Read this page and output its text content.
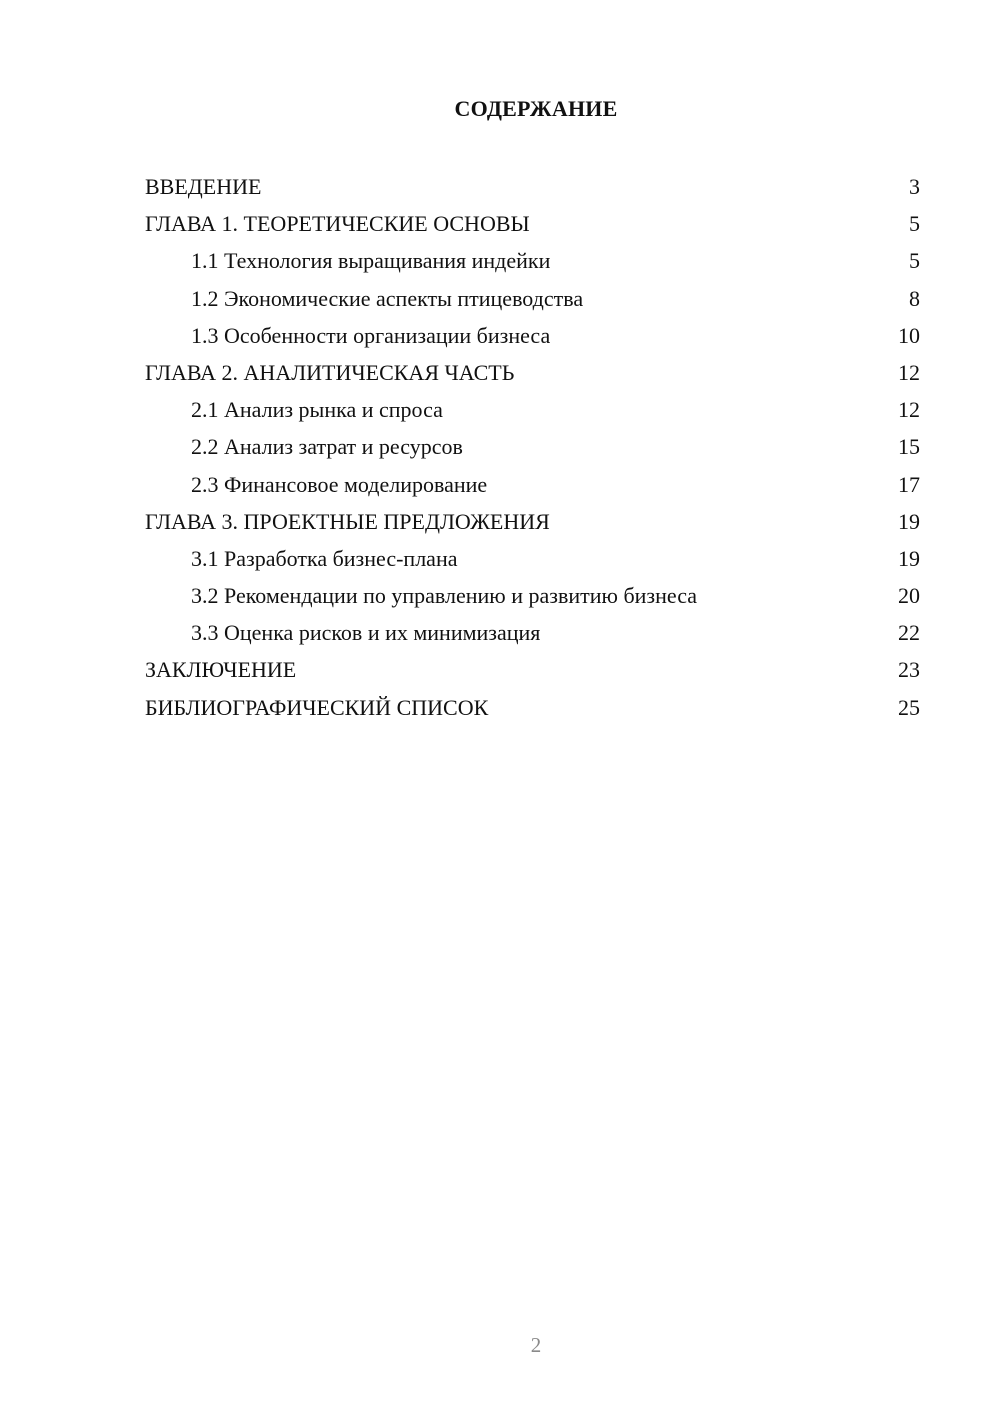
СОДЕРЖАНИЕ
ВВЕДЕНИЕ	3
ГЛАВА 1. ТЕОРЕТИЧЕСКИЕ ОСНОВЫ	5
1.1 Технология выращивания индейки	5
1.2 Экономические аспекты птицеводства	8
1.3 Особенности организации бизнеса	10
ГЛАВА 2. АНАЛИТИЧЕСКАЯ ЧАСТЬ	12
2.1 Анализ рынка и спроса	12
2.2 Анализ затрат и ресурсов	15
2.3 Финансовое моделирование	17
ГЛАВА 3. ПРОЕКТНЫЕ ПРЕДЛОЖЕНИЯ	19
3.1 Разработка бизнес-плана	19
3.2 Рекомендации по управлению и развитию бизнеса	20
3.3 Оценка рисков и их минимизация	22
ЗАКЛЮЧЕНИЕ	23
БИБЛИОГРАФИЧЕСКИЙ СПИСОК	25
2
